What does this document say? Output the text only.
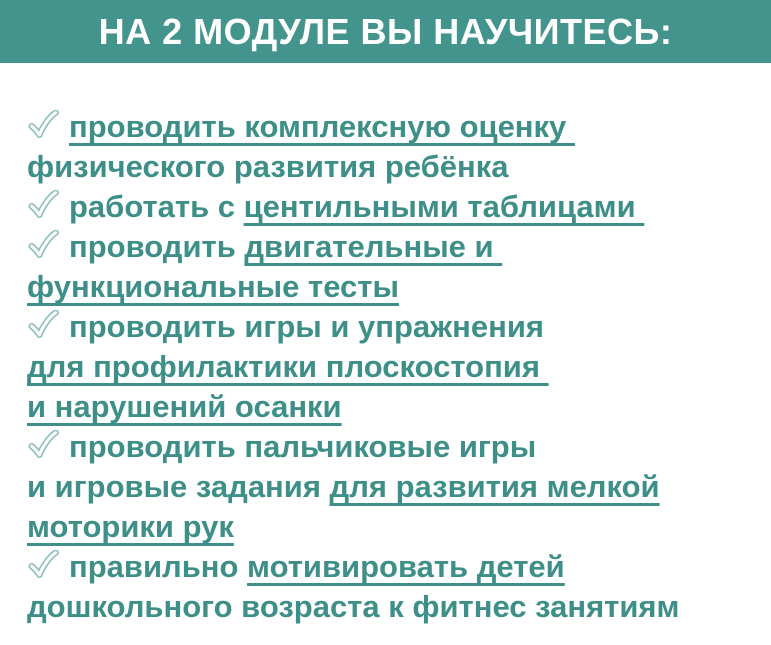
НА 2 МОДУЛЕ ВЫ НАУЧИТЕСЬ:
проводить комплексную оценку
физического развития ребёнка
работать с центильными таблицами
проводить двигательные и
функциональные тесты
проводить игры и упражнения
для профилактики плоскостопия
и нарушений осанки
проводить пальчиковые игры
и игровые задания для развития мелкой
моторики рук
правильно мотивировать детей
дошкольного возраста к фитнес занятиям
